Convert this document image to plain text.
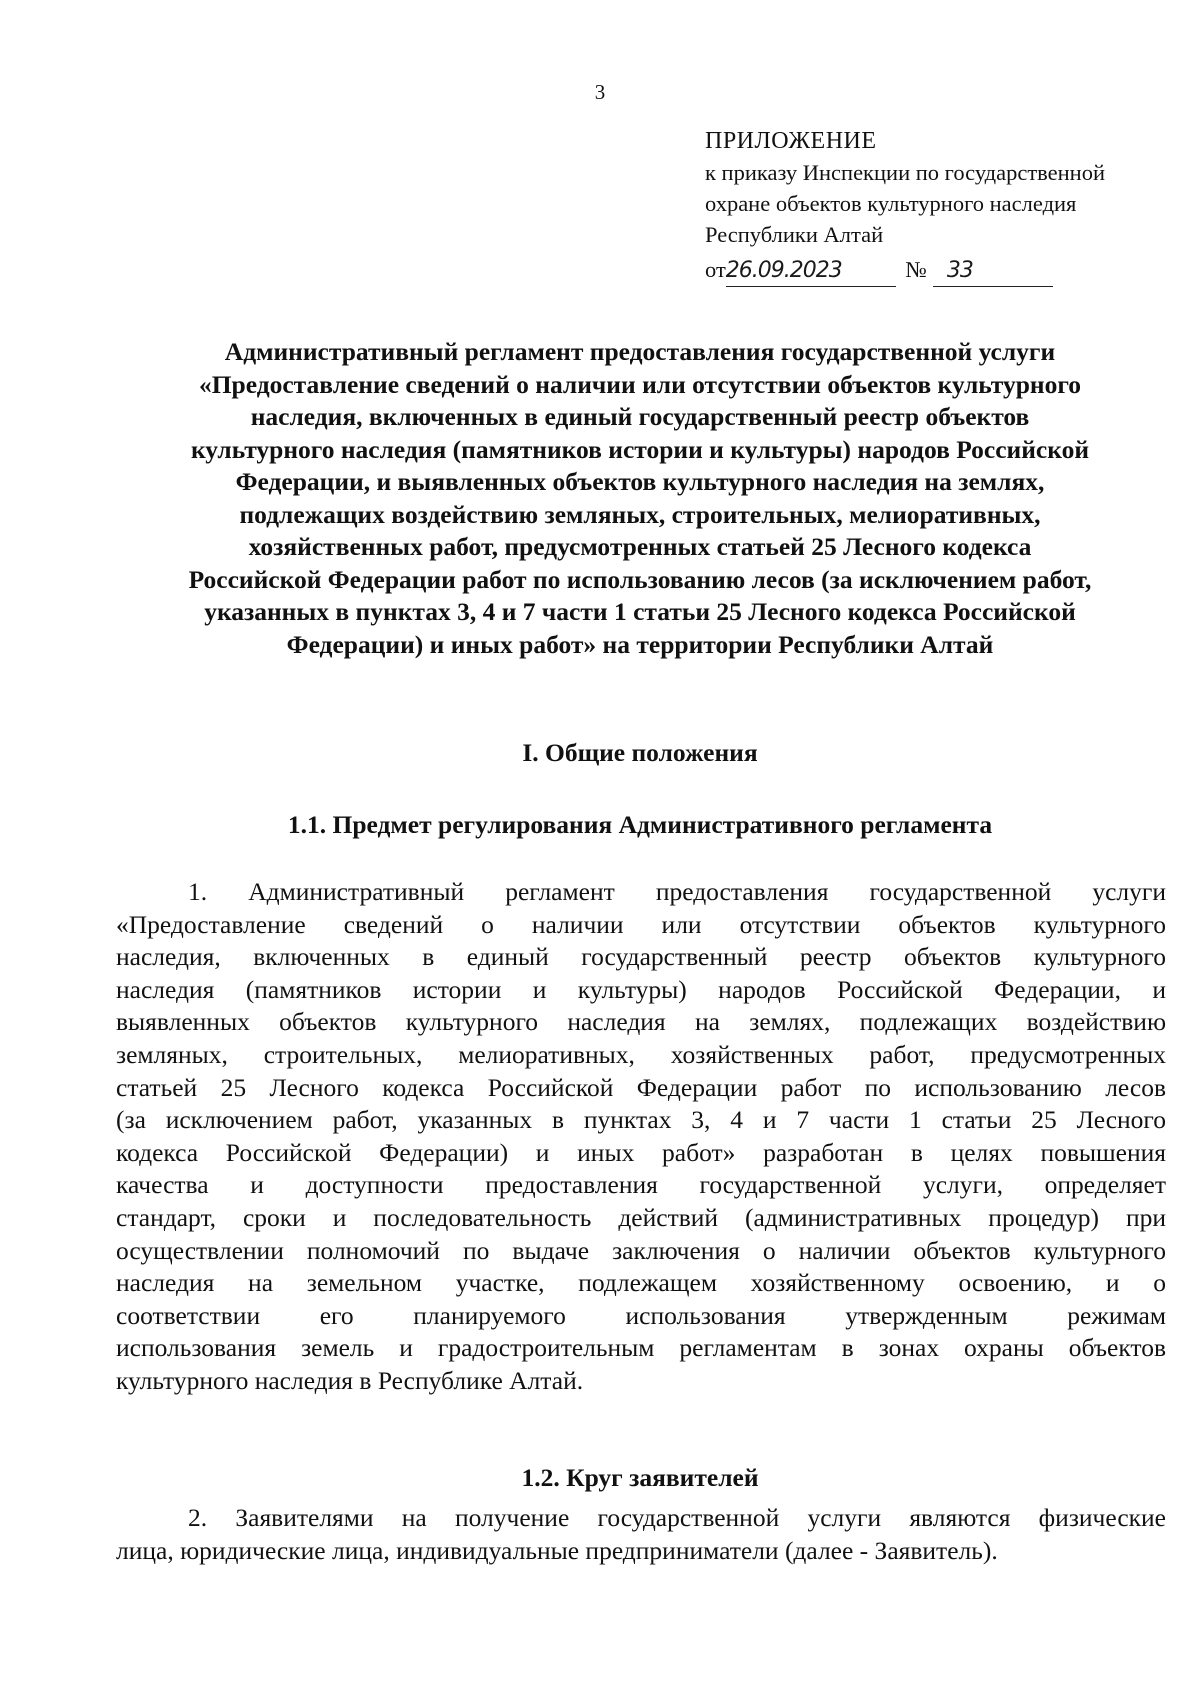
3
ПРИЛОЖЕНИЕ
к приказу Инспекции по государственной
охране объектов культурного наследия
Республики Алтай
от26.09.2023	№ 33
Административный регламент предоставления государственной услуги
«Предоставление сведений о наличии или отсутствии объектов культурного
наследия, включенных в единый государственный реестр объектов
культурного наследия (памятников истории и культуры) народов Российской
Федерации, и выявленных объектов культурного наследия на землях,
подлежащих воздействию земляных, строительных, мелиоративных,
хозяйственных работ, предусмотренных статьей 25 Лесного кодекса
Российской Федерации работ по использованию лесов (за исключением работ,
указанных в пунктах 3, 4 и 7 части 1 статьи 25 Лесного кодекса Российской
Федерации) и иных работ» на территории Республики Алтай
I. Общие положения
1.1. Предмет регулирования Административного регламента
1. Административный регламент предоставления государственной услуги
«Предоставление сведений о наличии или отсутствии объектов культурного
наследия, включенных в единый государственный реестр объектов культурного
наследия (памятников истории и культуры) народов Российской Федерации, и
выявленных объектов культурного наследия на землях, подлежащих воздействию
земляных, строительных, мелиоративных, хозяйственных работ, предусмотренных
статьей 25 Лесного кодекса Российской Федерации работ по использованию лесов
(за исключением работ, указанных в пунктах 3, 4 и 7 части 1 статьи 25 Лесного
кодекса Российской Федерации) и иных работ» разработан в целях повышения
качества и доступности предоставления государственной услуги, определяет
стандарт, сроки и последовательность действий (административных процедур) при
осуществлении полномочий по выдаче заключения о наличии объектов культурного
наследия на земельном участке, подлежащем хозяйственному освоению, и о
соответствии его планируемого использования утвержденным режимам
использования земель и градостроительным регламентам в зонах охраны объектов
культурного наследия в Республике Алтай.
1.2. Круг заявителей
2. Заявителями на получение государственной услуги являются физические
лица, юридические лица, индивидуальные предприниматели (далее - Заявитель).
